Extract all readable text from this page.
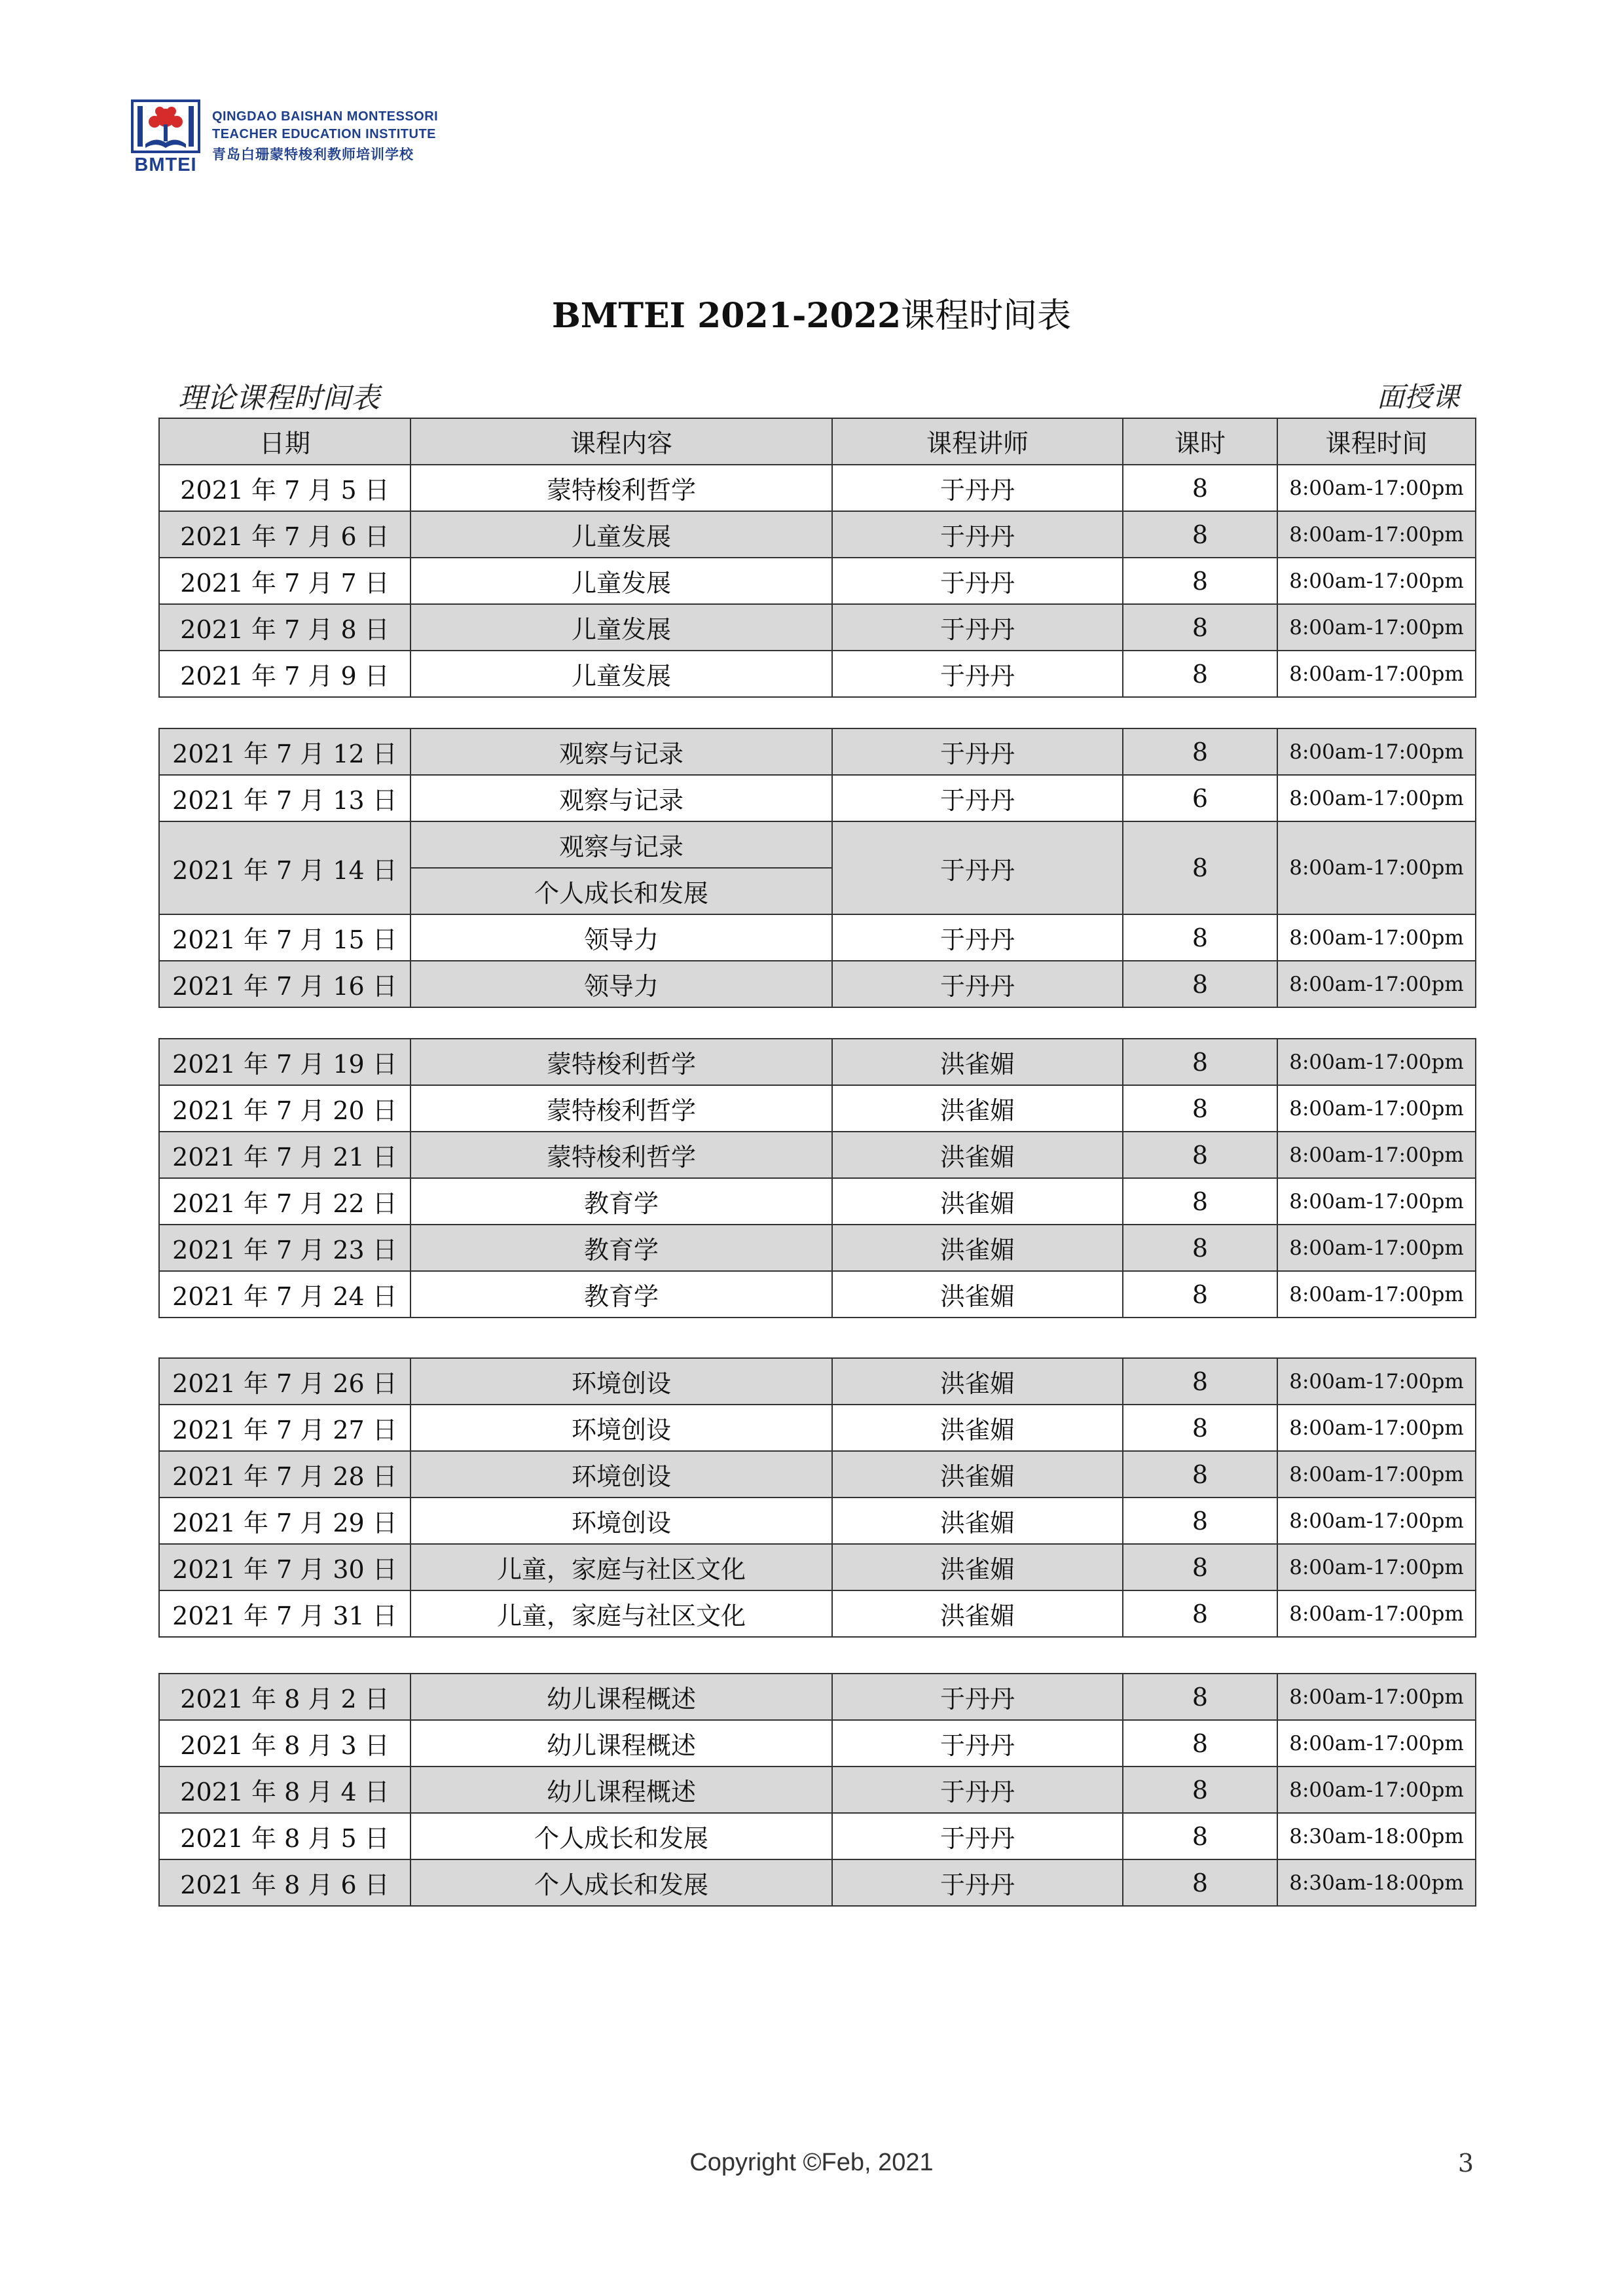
BMTEI
QINGDAO BAISHAN MONTESSORI
TEACHER EDUCATION INSTITUTE
青岛白珊蒙特梭利教师培训学校
BMTEI 2021-2022课程时间表
理论课程时间表	面授课
日期	课程内容	课程讲师	课时	课程时间
2021 年 7 月 5 日	蒙特梭利哲学	于丹丹	8	8:00am-17:00pm
2021 年 7 月 6 日	儿童发展	于丹丹	8	8:00am-17:00pm
2021 年 7 月 7 日	儿童发展	于丹丹	8	8:00am-17:00pm
2021 年 7 月 8 日	儿童发展	于丹丹	8	8:00am-17:00pm
2021 年 7 月 9 日	儿童发展	于丹丹	8	8:00am-17:00pm
2021 年 7 月 12 日	观察与记录	于丹丹	8	8:00am-17:00pm
2021 年 7 月 13 日	观察与记录	于丹丹	6	8:00am-17:00pm
2021 年 7 月 14 日	观察与记录	于丹丹	8	8:00am-17:00pm
	个人成长和发展			
2021 年 7 月 15 日	领导力	于丹丹	8	8:00am-17:00pm
2021 年 7 月 16 日	领导力	于丹丹	8	8:00am-17:00pm
2021 年 7 月 19 日	蒙特梭利哲学	洪雀媚	8	8:00am-17:00pm
2021 年 7 月 20 日	蒙特梭利哲学	洪雀媚	8	8:00am-17:00pm
2021 年 7 月 21 日	蒙特梭利哲学	洪雀媚	8	8:00am-17:00pm
2021 年 7 月 22 日	教育学	洪雀媚	8	8:00am-17:00pm
2021 年 7 月 23 日	教育学	洪雀媚	8	8:00am-17:00pm
2021 年 7 月 24 日	教育学	洪雀媚	8	8:00am-17:00pm
2021 年 7 月 26 日	环境创设	洪雀媚	8	8:00am-17:00pm
2021 年 7 月 27 日	环境创设	洪雀媚	8	8:00am-17:00pm
2021 年 7 月 28 日	环境创设	洪雀媚	8	8:00am-17:00pm
2021 年 7 月 29 日	环境创设	洪雀媚	8	8:00am-17:00pm
2021 年 7 月 30 日	儿童，家庭与社区文化	洪雀媚	8	8:00am-17:00pm
2021 年 7 月 31 日	儿童，家庭与社区文化	洪雀媚	8	8:00am-17:00pm
2021 年 8 月 2 日	幼儿课程概述	于丹丹	8	8:00am-17:00pm
2021 年 8 月 3 日	幼儿课程概述	于丹丹	8	8:00am-17:00pm
2021 年 8 月 4 日	幼儿课程概述	于丹丹	8	8:00am-17:00pm
2021 年 8 月 5 日	个人成长和发展	于丹丹	8	8:30am-18:00pm
2021 年 8 月 6 日	个人成长和发展	于丹丹	8	8:30am-18:00pm
Copyright ©Feb, 2021	3
